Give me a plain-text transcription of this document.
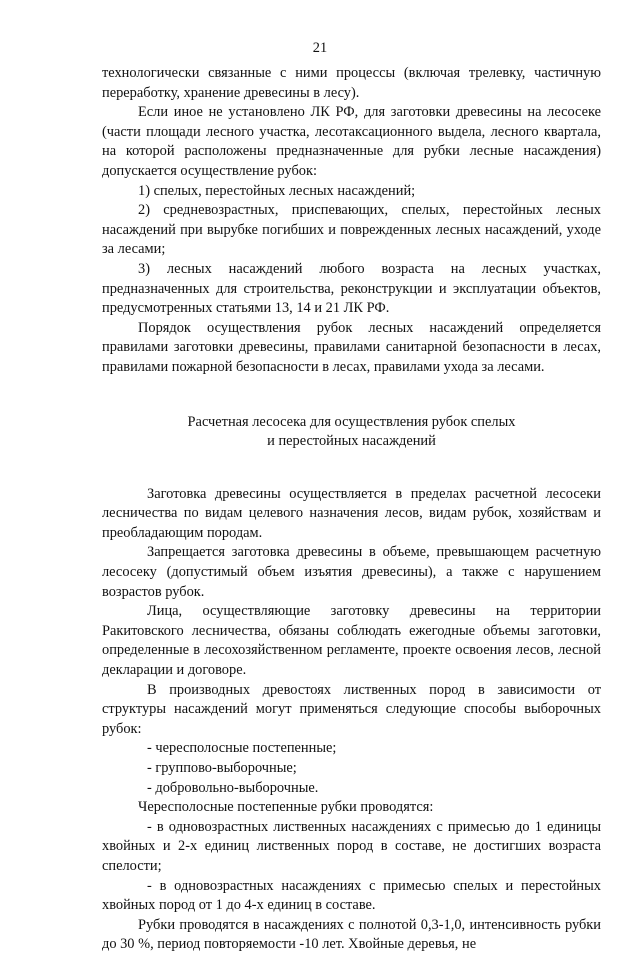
21

технологически связанные с ними процессы (включая трелевку, частичную переработку, хранение древесины в лесу).

Если иное не установлено ЛК РФ, для заготовки древесины на лесосеке (части площади лесного участка, лесотаксационного выдела, лесного квартала, на которой расположены предназначенные для рубки лесные насаждения) допускается осуществление рубок:

1) спелых, перестойных лесных насаждений;

2) средневозрастных, приспевающих, спелых, перестойных лесных насаждений при вырубке погибших и поврежденных лесных насаждений, уходе за лесами;

3) лесных насаждений любого возраста на лесных участках, предназначенных для строительства, реконструкции и эксплуатации объектов, предусмотренных статьями 13, 14 и 21 ЛК РФ.

Порядок осуществления рубок лесных насаждений определяется правилами заготовки древесины, правилами санитарной безопасности в лесах, правилами пожарной безопасности в лесах, правилами ухода за лесами.

Расчетная лесосека для осуществления рубок спелых
и перестойных насаждений

Заготовка древесины осуществляется в пределах расчетной лесосеки лесничества по видам целевого назначения лесов, видам рубок, хозяйствам и преобладающим породам.

Запрещается заготовка древесины в объеме, превышающем расчетную лесосеку (допустимый объем изъятия древесины), а также с нарушением возрастов рубок.

Лица, осуществляющие заготовку древесины на территории Ракитовского лесничества, обязаны соблюдать ежегодные объемы заготовки, определенные в лесохозяйственном регламенте, проекте освоения лесов, лесной декларации и договоре.

В производных древостоях лиственных пород в зависимости от структуры насаждений могут применяться следующие способы выборочных рубок:

- чересполосные постепенные;

- группово-выборочные;

- добровольно-выборочные.

Чересполосные постепенные рубки проводятся:

- в одновозрастных лиственных насаждениях с примесью до 1 единицы хвойных и 2-х единиц лиственных пород в составе, не достигших возраста спелости;

- в одновозрастных насаждениях с примесью спелых и перестойных хвойных пород от 1 до 4-х единиц в составе.

Рубки проводятся в насаждениях с полнотой 0,3-1,0, интенсивность рубки до 30 %, период повторяемости -10 лет. Хвойные деревья, не
